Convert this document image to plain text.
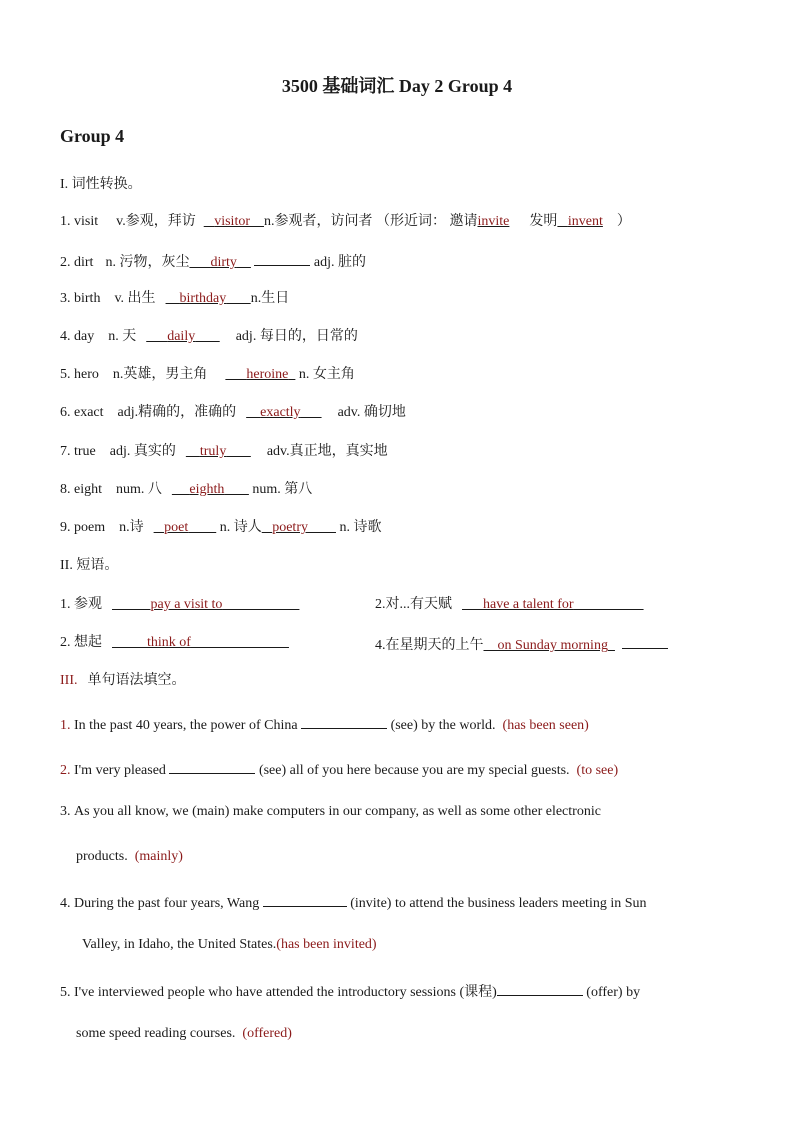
3500 基础词汇 Day 2 Group 4
Group 4
I. 词性转换。
1. visit v.参观，拜访 visitor n.参观者，访问者 （形近词： 邀请invite 发明 invent ）
2. dirt n. 污物，灰尘 dirty	adj. 脏的
3. birth v. 出生 birthday n.生日
4. day n. 天 daily	adj. 每日的，日常的
5. hero n.英雄，男主角	heroine n. 女主角
6. exact adj.精确的，准确的 exactly	adv. 确切地
7. true adj. 真实的 truly	adv.真正地，真实地
8. eight num. 八 eighth num. 第八
9. poem n.诗 poet n. 诗人 poetry n. 诗歌
II. 短语。
1. 参观	pay a visit to	2.对...有天赋 have a talent for
2. 想起	think of	4.在星期天的上午 on Sunday morning
III. 单句语法填空。
1. In the past 40 years, the power of China	(see) by the world. (has been seen)
2. I'm very pleased	(see) all of you here because you are my special guests. (to see)
3. As you all know, we (main) make computers in our company, as well as some other electronic
products. (mainly)
4. During the past four years, Wang	(invite) to attend the business leaders meeting in Sun
Valley, in Idaho, the United States.(has been invited)
5. I've interviewed people who have attended the introductory sessions (课程)	(offer) by
some speed reading courses. (offered)
